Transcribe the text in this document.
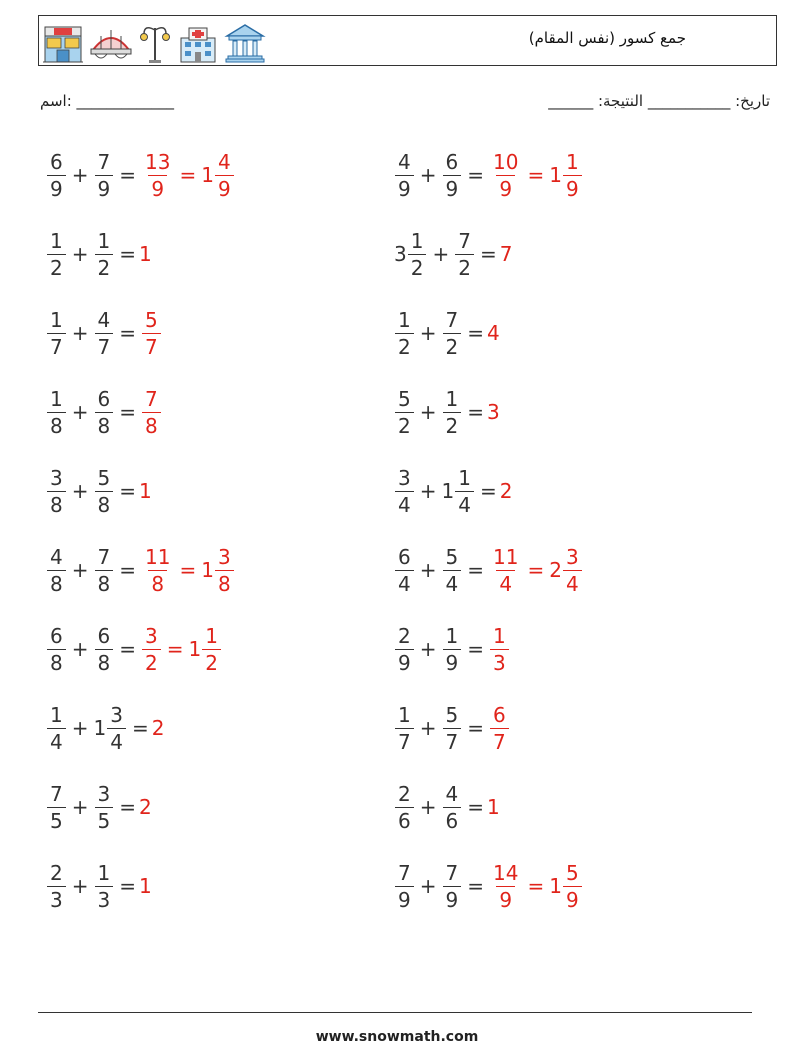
جمع كسور (نفس المقام)
______ :تاريخ: ___________ النتيجة
اسم: _____________
$\frac{6}{9} + \frac{7}{9} = \frac{13}{9} = 1 \frac{4}{9}$
$\frac{1}{2} + \frac{1}{2} = 1$
$\frac{1}{7} + \frac{4}{7} = \frac{5}{7}$
$\frac{1}{8} + \frac{6}{8} = \frac{7}{8}$
$\frac{3}{8} + \frac{5}{8} = 1$
$\frac{4}{8} + \frac{7}{8} = \frac{11}{8} = 1 \frac{3}{8}$
$\frac{6}{8} + \frac{6}{8} = \frac{3}{2} = 1 \frac{1}{2}$
$\frac{1}{4} + 1 \frac{3}{4} = 2$
$\frac{7}{5} + \frac{3}{5} = 2$
$\frac{2}{3} + \frac{1}{3} = 1$
$\frac{4}{9} + \frac{6}{9} = \frac{10}{9} = 1 \frac{1}{9}$
$3 \frac{1}{2} + \frac{7}{2} = 7$
$\frac{1}{2} + \frac{7}{2} = 4$
$\frac{5}{2} + \frac{1}{2} = 3$
$\frac{3}{4} + 1 \frac{1}{4} = 2$
$\frac{6}{4} + \frac{5}{4} = \frac{11}{4} = 2 \frac{3}{4}$
$\frac{2}{9} + \frac{1}{9} = \frac{1}{3}$
$\frac{1}{7} + \frac{5}{7} = \frac{6}{7}$
$\frac{2}{6} + \frac{4}{6} = 1$
$\frac{7}{9} + \frac{7}{9} = \frac{14}{9} = 1 \frac{5}{9}$
www.snowmath.com
